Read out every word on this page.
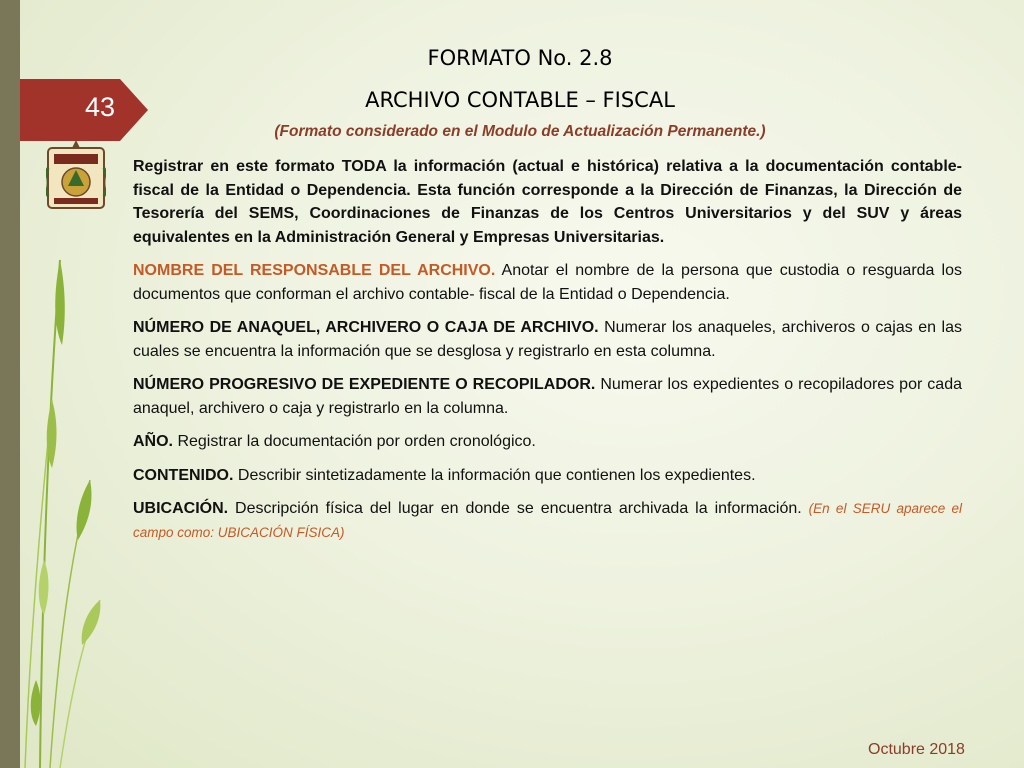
43
FORMATO No. 2.8
ARCHIVO CONTABLE – FISCAL
(Formato considerado en el Modulo de Actualización Permanente.)

Registrar en este formato TODA la información (actual e histórica) relativa a la documentación contable-fiscal de la Entidad o Dependencia. Esta función corresponde a la Dirección de Finanzas, la Dirección de Tesorería del SEMS, Coordinaciones de Finanzas de los Centros Universitarios y del SUV y áreas equivalentes en la Administración General y Empresas Universitarias.

NOMBRE DEL RESPONSABLE DEL ARCHIVO. Anotar el nombre de la persona que custodia o resguarda los documentos que conforman el archivo contable- fiscal de la Entidad o Dependencia.

NÚMERO DE ANAQUEL, ARCHIVERO O CAJA DE ARCHIVO. Numerar los anaqueles, archiveros o cajas en las cuales se encuentra la información que se desglosa y registrarlo en esta columna.

NÚMERO PROGRESIVO DE EXPEDIENTE O RECOPILADOR. Numerar los expedientes o recopiladores por cada anaquel, archivero o caja y registrarlo en la columna.

AÑO. Registrar la documentación por orden cronológico.

CONTENIDO. Describir sintetizadamente la información que contienen los expedientes.

UBICACIÓN. Descripción física del lugar en donde se encuentra archivada la información. (En el SERU aparece el campo como: UBICACIÓN FÍSICA)

Octubre 2018
